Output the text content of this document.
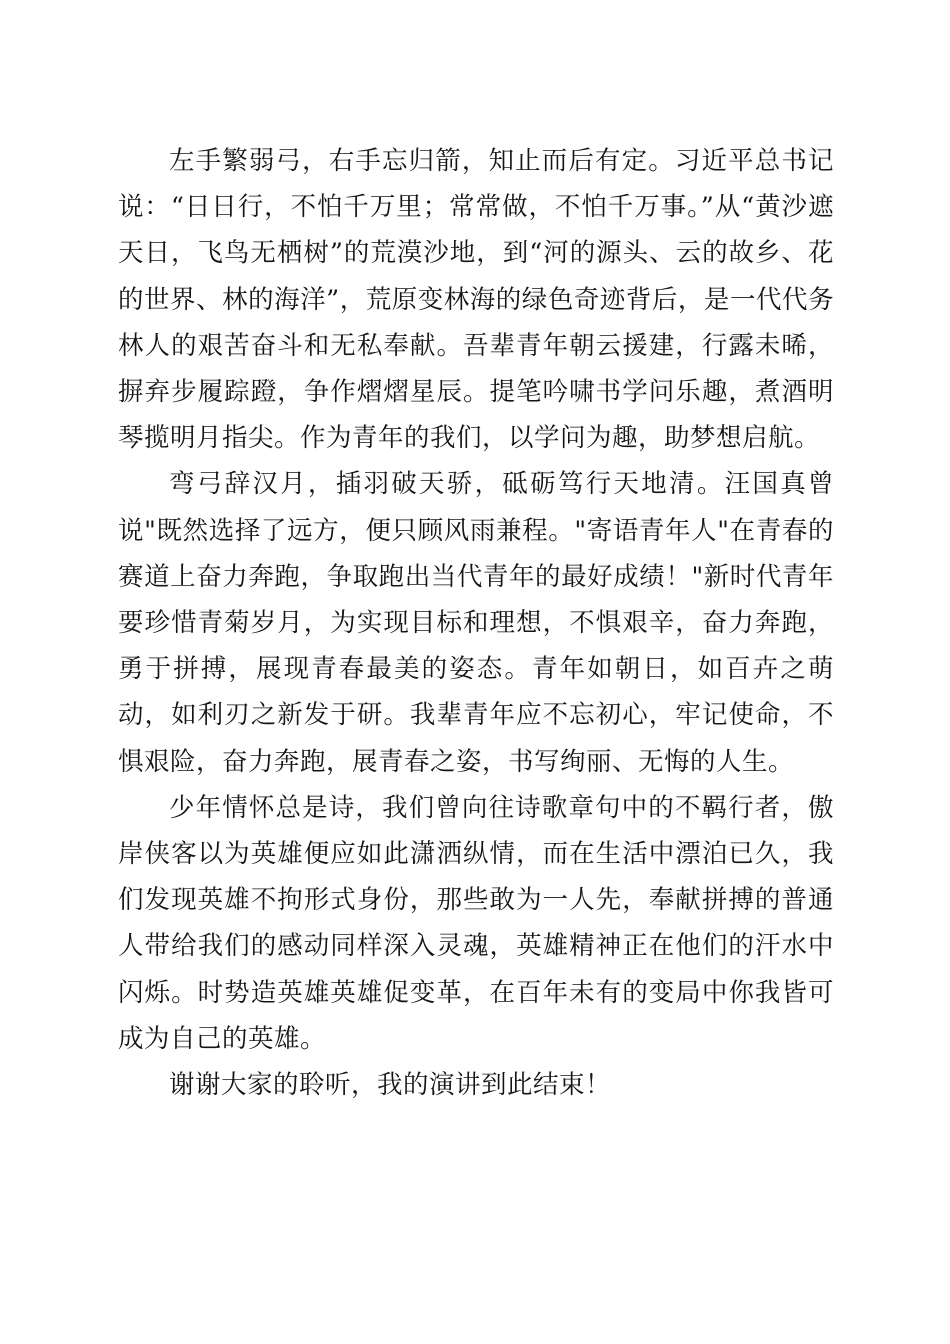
左手繁弱弓，右手忘归箭，知止而后有定。习近平总书记说：“日日行，不怕千万里；常常做，不怕千万事。”从“黄沙遮天日，飞鸟无栖树”的荒漠沙地，到“河的源头、云的故乡、花的世界、林的海洋”，荒原变林海的绿色奇迹背后，是一代代务林人的艰苦奋斗和无私奉献。吾辈青年朝云援建，行露未晞，摒弃步履踪蹬，争作熠熠星辰。提笔吟啸书学问乐趣，煮酒明琴揽明月指尖。作为青年的我们，以学问为趣，助梦想启航。

弯弓辞汉月，插羽破天骄，砥砺笃行天地清。汪国真曾说"既然选择了远方，便只顾风雨兼程。"寄语青年人"在青春的赛道上奋力奔跑，争取跑出当代青年的最好成绩！"新时代青年要珍惜青菊岁月，为实现目标和理想，不惧艰辛，奋力奔跑，勇于拼搏，展现青春最美的姿态。青年如朝日，如百卉之萌动，如利刃之新发于研。我辈青年应不忘初心，牢记使命，不惧艰险，奋力奔跑，展青春之姿，书写绚丽、无悔的人生。

少年情怀总是诗，我们曾向往诗歌章句中的不羁行者，傲岸侠客以为英雄便应如此潇洒纵情，而在生活中漂泊已久，我们发现英雄不拘形式身份，那些敢为一人先，奉献拼搏的普通人带给我们的感动同样深入灵魂，英雄精神正在他们的汗水中闪烁。时势造英雄英雄促变革，在百年未有的变局中你我皆可成为自己的英雄。

谢谢大家的聆听，我的演讲到此结束！
